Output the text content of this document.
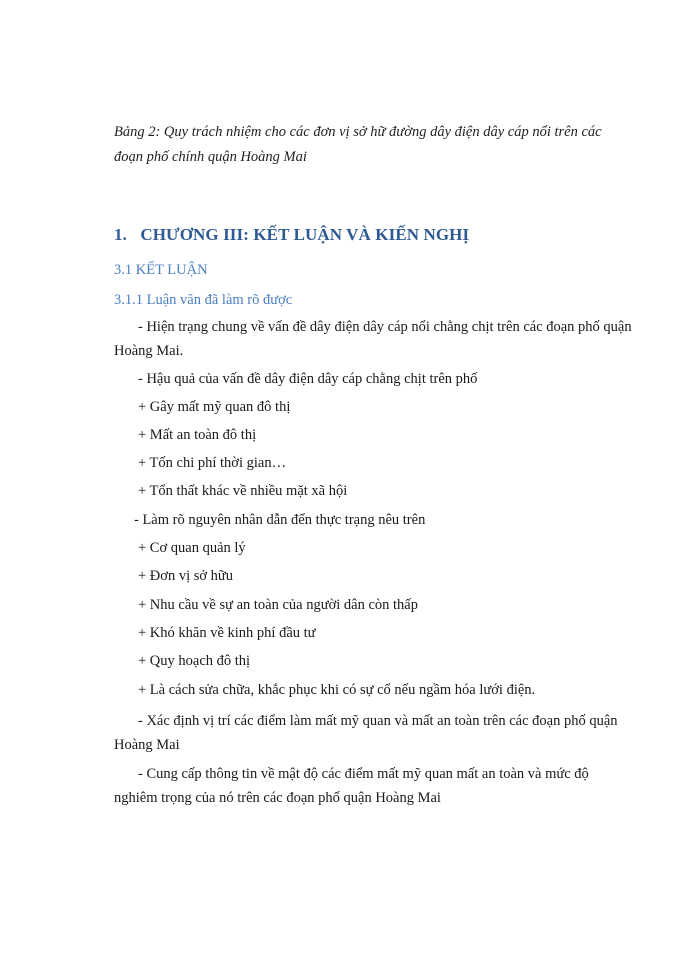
Bảng 2: Quy trách nhiệm cho các đơn vị sở hữ đường dây điện dây cáp nổi trên các đoạn phố chính quận Hoàng Mai
1. CHƯƠNG III: KẾT LUẬN VÀ KIẾN NGHỊ
3.1 KẾT LUẬN
3.1.1 Luận văn đã làm rõ được
- Hiện trạng chung về vấn đề dây điện dây cáp nổi chằng chịt trên các đoạn phố quận Hoàng Mai.
- Hậu quả của vấn đề dây điện dây cáp chằng chịt trên phố
+ Gây mất mỹ quan đô thị
+ Mất an toàn đô thị
+ Tốn chi phí thời gian…
+ Tổn thất khác về nhiều mặt xã hội
- Làm rõ nguyên nhân dẫn đến thực trạng nêu trên
+ Cơ quan quản lý
+ Đơn vị sở hữu
+ Nhu cầu về sự an toàn của người dân còn thấp
+ Khó khăn về kinh phí đầu tư
+ Quy hoạch đô thị
+ Là cách sửa chữa, khắc phục khi có sự cố nếu ngầm hóa lưới điện.
- Xác định vị trí các điểm làm mất mỹ quan và mất an toàn trên các đoạn phố quận Hoàng Mai
- Cung cấp thông tin về mật độ các điểm mất mỹ quan mất an toàn và mức độ nghiêm trọng của nó trên các đoạn phố quận Hoàng Mai
